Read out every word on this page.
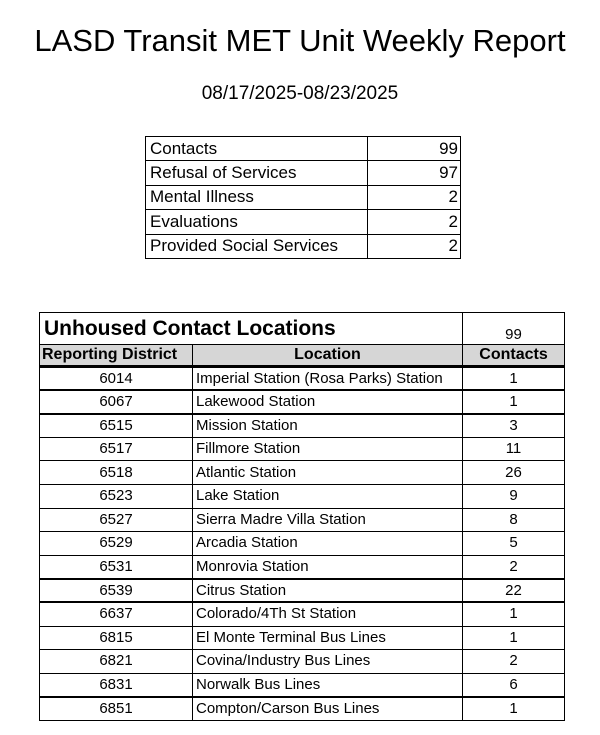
LASD Transit MET Unit Weekly Report
08/17/2025-08/23/2025
Contacts	99
Refusal of Services	97
Mental Illness	2
Evaluations	2
Provided Social Services	2
Unhoused Contact Locations		99
Reporting District	Location	Contacts
6014	Imperial Station (Rosa Parks) Station	1
6067	Lakewood Station	1
6515	Mission Station	3
6517	Fillmore Station	11
6518	Atlantic Station	26
6523	Lake Station	9
6527	Sierra Madre Villa Station	8
6529	Arcadia Station	5
6531	Monrovia Station	2
6539	Citrus Station	22
6637	Colorado/4Th St Station	1
6815	El Monte Terminal Bus Lines	1
6821	Covina/Industry Bus Lines	2
6831	Norwalk Bus Lines	6
6851	Compton/Carson Bus Lines	1
